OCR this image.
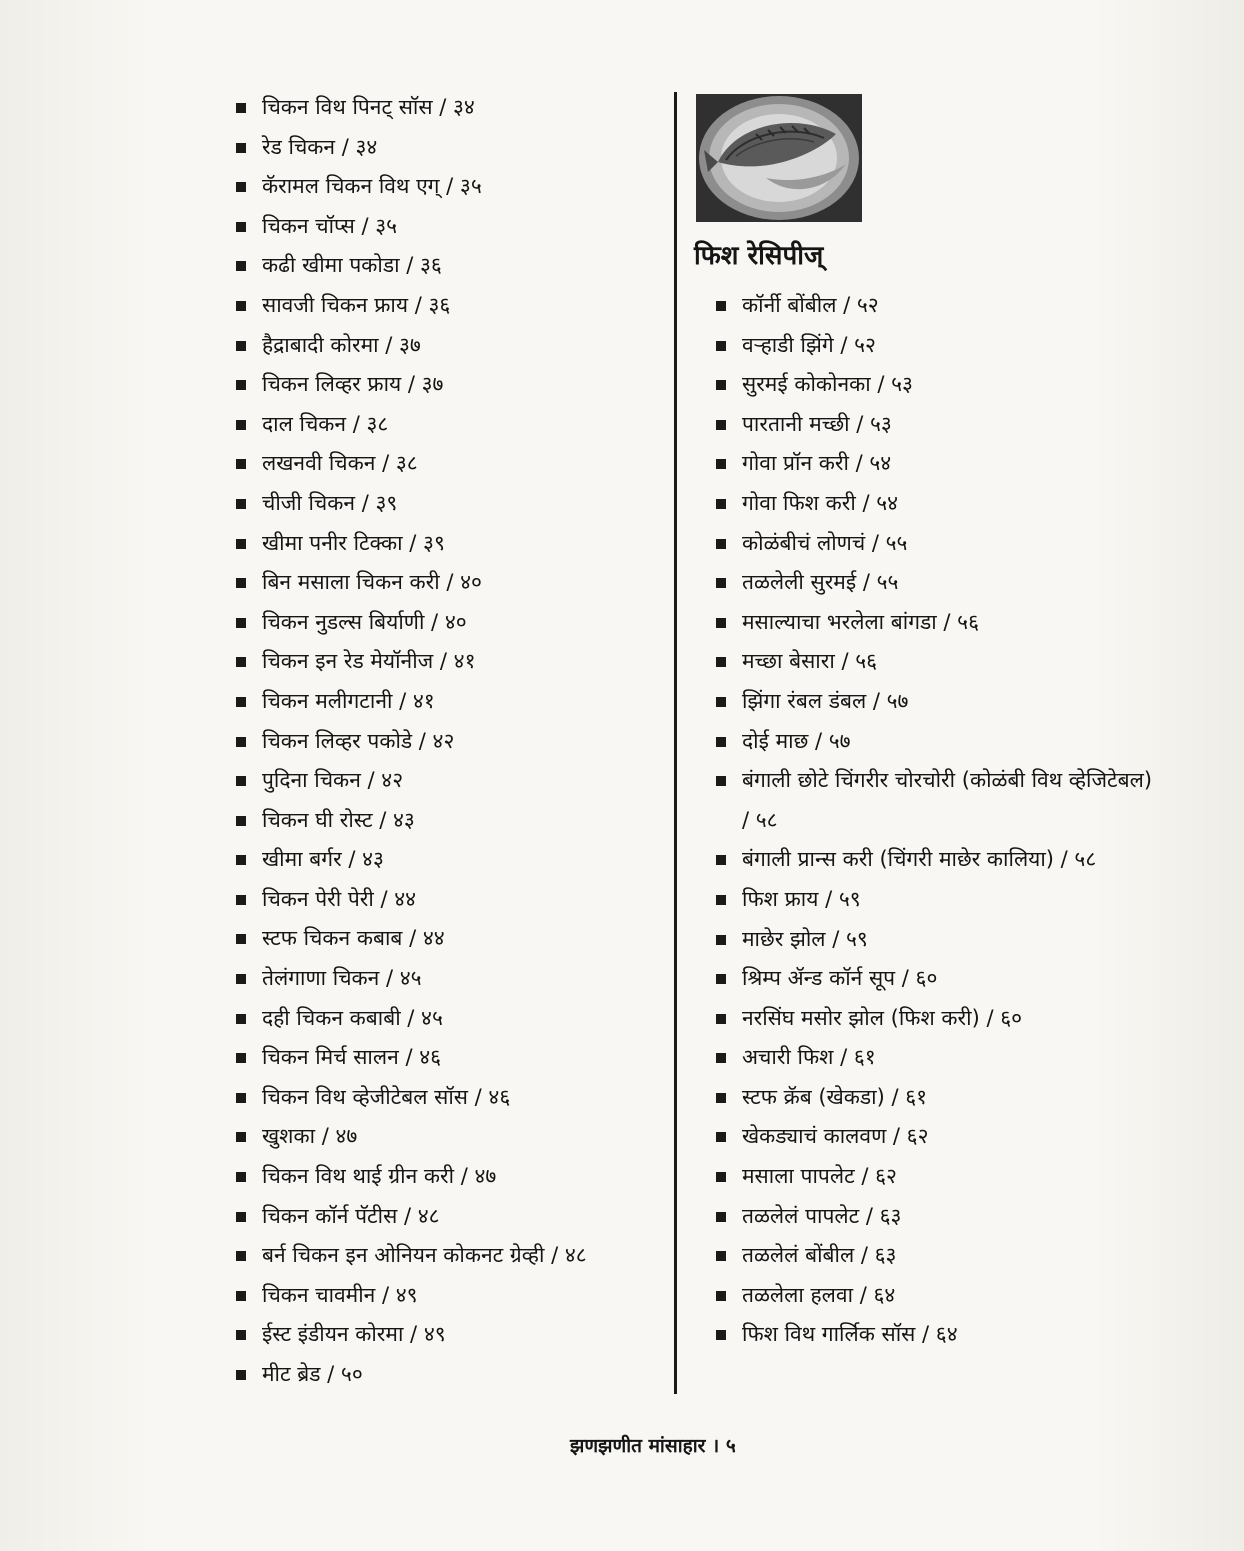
चिकन विथ पिनट् सॉस / ३४
रेड चिकन / ३४
कॅरामल चिकन विथ एग् / ३५
चिकन चॉप्स / ३५
कढी खीमा पकोडा / ३६
सावजी चिकन फ्राय / ३६
हैद्राबादी कोरमा / ३७
चिकन लिव्हर फ्राय / ३७
दाल चिकन / ३८
लखनवी चिकन / ३८
चीजी चिकन / ३९
खीमा पनीर टिक्का / ३९
बिन मसाला चिकन करी / ४०
चिकन नुडल्स बिर्याणी / ४०
चिकन इन रेड मेयॉनीज / ४१
चिकन मलीगटानी / ४१
चिकन लिव्हर पकोडे / ४२
पुदिना चिकन / ४२
चिकन घी रोस्ट / ४३
खीमा बर्गर / ४३
चिकन पेरी पेरी / ४४
स्टफ चिकन कबाब / ४४
तेलंगाणा चिकन / ४५
दही चिकन कबाबी / ४५
चिकन मिर्च सालन / ४६
चिकन विथ व्हेजीटेबल सॉस / ४६
खुशका / ४७
चिकन विथ थाई ग्रीन करी / ४७
चिकन कॉर्न पॅटीस / ४८
बर्न चिकन इन ओनियन कोकनट ग्रेव्ही / ४८
चिकन चावमीन / ४९
ईस्ट इंडीयन कोरमा / ४९
मीट ब्रेड / ५०
फिश रेसिपीज्
कॉर्नी बोंबील / ५२
वऱ्हाडी झिंगे / ५२
सुरमई कोकोनका / ५३
पारतानी मच्छी / ५३
गोवा प्रॉन करी / ५४
गोवा फिश करी / ५४
कोळंबीचं लोणचं / ५५
तळलेली सुरमई / ५५
मसाल्याचा भरलेला बांगडा / ५६
मच्छा बेसारा / ५६
झिंगा रंबल डंबल / ५७
दोई माछ / ५७
बंगाली छोटे चिंगरीर चोरचोरी (कोळंबी विथ व्हेजिटेबल) / ५८
बंगाली प्रान्स करी (चिंगरी माछेर कालिया) / ५८
फिश फ्राय / ५९
माछेर झोल / ५९
श्रिम्प ॲन्ड कॉर्न सूप / ६०
नरसिंघ मसोर झोल (फिश करी) / ६०
अचारी फिश / ६१
स्टफ क्रॅब (खेकडा) / ६१
खेकड्याचं कालवण / ६२
मसाला पापलेट / ६२
तळलेलं पापलेट / ६३
तळलेलं बोंबील / ६३
तळलेला हलवा / ६४
फिश विथ गार्लिक सॉस / ६४
झणझणीत मांसाहार । ५
